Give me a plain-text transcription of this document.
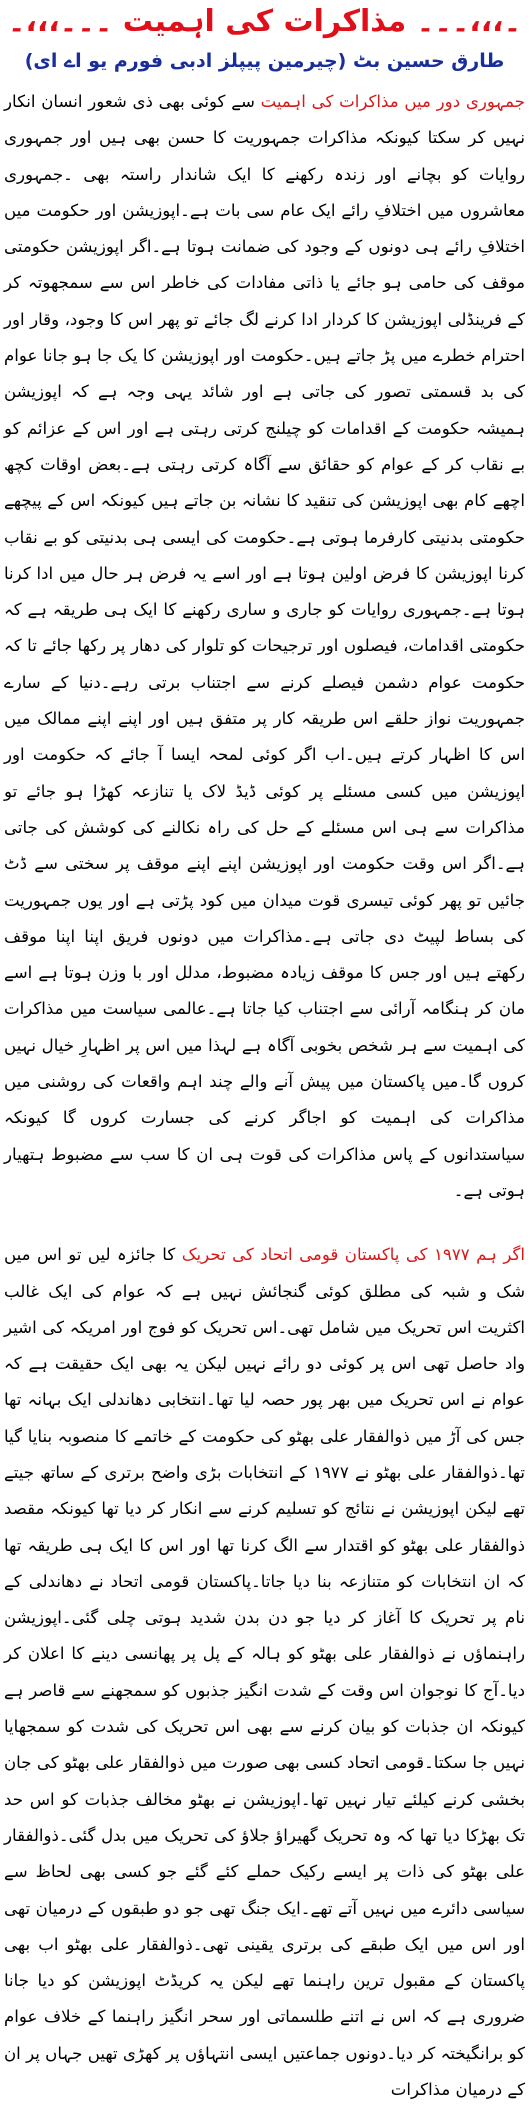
۔،،،۔۔۔ مذاکرات کی اہمیت ۔۔۔،،،۔
طارق حسین بٹ (چیرمین پیپلز ادبی فورم یو اے ای)

جمہوری دور میں مذاکرات کی اہمیت سے کوئی بھی ذی شعور انسان انکار نہیں کر سکتا کیونکہ مذاکرات جمہوریت کا حسن بھی ہیں اور جمہوری روایات کو بچانے اور زندہ رکھنے کا ایک شاندار راستہ بھی ۔جمہوری معاشروں میں اختلافِ رائے ایک عام سی بات ہے۔اپوزیشن اور حکومت میں اختلافِ رائے ہی دونوں کے وجود کی ضمانت ہوتا ہے۔اگر اپوزیشن حکومتی موقف کی حامی ہو جائے یا ذاتی مفادات کی خاطر اس سے سمجھوتہ کر کے فرینڈلی اپوزیشن کا کردار ادا کرنے لگ جائے تو پھر اس کا وجود، وقار اور احترام خطرے میں پڑ جاتے ہیں۔حکومت اور اپوزیشن کا یک جا ہو جانا عوام کی بد قسمتی تصور کی جاتی ہے اور شائد یہی وجہ ہے کہ اپوزیشن ہمیشہ حکومت کے اقدامات کو چیلنج کرتی رہتی ہے اور اس کے عزائم کو بے نقاب کر کے عوام کو حقائق سے آگاہ کرتی رہتی ہے۔بعض اوقات کچھ اچھے کام بھی اپوزیشن کی تنقید کا نشانہ بن جاتے ہیں کیونکہ اس کے پیچھے حکومتی بدنیتی کارفرما ہوتی ہے۔حکومت کی ایسی ہی بدنیتی کو بے نقاب کرنا اپوزیشن کا فرض اولین ہوتا ہے اور اسے یہ فرض ہر حال میں ادا کرنا ہوتا ہے۔جمہوری روایات کو جاری و ساری رکھنے کا ایک ہی طریقہ ہے کہ حکومتی اقدامات، فیصلوں اور ترجیحات کو تلوار کی دھار پر رکھا جائے تا کہ حکومت عوام دشمن فیصلے کرنے سے اجتناب برتی رہے۔دنیا کے سارے جمہوریت نواز حلقے اس طریقہ کار پر متفق ہیں اور اپنے اپنے ممالک میں اس کا اظہار کرتے ہیں۔اب اگر کوئی لمحہ ایسا آ جائے کہ حکومت اور اپوزیشن میں کسی مسئلے پر کوئی ڈیڈ لاک یا تنازعہ کھڑا ہو جائے تو مذاکرات سے ہی اس مسئلے کے حل کی راہ نکالنے کی کوشش کی جاتی ہے۔اگر اس وقت حکومت اور اپوزیشن اپنے اپنے موقف پر سختی سے ڈٹ جائیں تو پھر کوئی تیسری قوت میدان میں کود پڑتی ہے اور یوں جمہوریت کی بساط لپیٹ دی جاتی ہے۔مذاکرات میں دونوں فریق اپنا اپنا موقف رکھتے ہیں اور جس کا موقف زیادہ مضبوط، مدلل اور با وزن ہوتا ہے اسے مان کر ہنگامہ آرائی سے اجتناب کیا جاتا ہے۔عالمی سیاست میں مذاکرات کی اہمیت سے ہر شخص بخوبی آگاہ ہے لہذا میں اس پر اظہارِ خیال نہیں کروں گا۔میں پاکستان میں پیش آنے والے چند اہم واقعات کی روشنی میں مذاکرات کی اہمیت کو اجاگر کرنے کی جسارت کروں گا کیونکہ سیاستدانوں کے پاس مذاکرات کی قوت ہی ان کا سب سے مضبوط ہتھیار ہوتی ہے۔

اگر ہم ۱۹۷۷ کی پاکستان قومی اتحاد کی تحریک کا جائزہ لیں تو اس میں شک و شبہ کی مطلق کوئی گنجائش نہیں ہے کہ عوام کی ایک غالب اکثریت اس تحریک میں شامل تھی۔اس تحریک کو فوج اور امریکہ کی اشیر واد حاصل تھی اس پر کوئی دو رائے نہیں لیکن یہ بھی ایک حقیقت ہے کہ عوام نے اس تحریک میں بھر پور حصہ لیا تھا۔انتخابی دھاندلی ایک بہانہ تھا جس کی آڑ میں ذوالفقار علی بھٹو کی حکومت کے خاتمے کا منصوبہ بنایا گیا تھا۔ذوالفقار علی بھٹو نے ۱۹۷۷ کے انتخابات بڑی واضح برتری کے ساتھ جیتے تھے لیکن اپوزیشن نے نتائج کو تسلیم کرنے سے انکار کر دیا تھا کیونکہ مقصد ذوالفقار علی بھٹو کو اقتدار سے الگ کرنا تھا اور اس کا ایک ہی طریقہ تھا کہ ان انتخابات کو متنازعہ بنا دیا جاتا۔پاکستان قومی اتحاد نے دھاندلی کے نام پر تحریک کا آغاز کر دیا جو دن بدن شدید ہوتی چلی گئی۔اپوزیشن راہنماؤں نے ذوالفقار علی بھٹو کو ہالہ کے پل پر پھانسی دینے کا اعلان کر دیا۔آج کا نوجوان اس وقت کے شدت انگیز جذبوں کو سمجھنے سے قاصر ہے کیونکہ ان جذبات کو بیان کرنے سے بھی اس تحریک کی شدت کو سمجھایا نہیں جا سکتا۔قومی اتحاد کسی بھی صورت میں ذوالفقار علی بھٹو کی جان بخشی کرنے کیلئے تیار نہیں تھا۔اپوزیشن نے بھٹو مخالف جذبات کو اس حد تک بھڑکا دیا تھا کہ وہ تحریک گھیراؤ جلاؤ کی تحریک میں بدل گئی۔ذوالفقار علی بھٹو کی ذات پر ایسے رکیک حملے کئے گئے جو کسی بھی لحاظ سے سیاسی دائرے میں نہیں آتے تھے۔ایک جنگ تھی جو دو طبقوں کے درمیان تھی اور اس میں ایک طبقے کی برتری یقینی تھی۔ذوالفقار علی بھٹو اب بھی پاکستان کے مقبول ترین راہنما تھے لیکن یہ کریڈٹ اپوزیشن کو دیا جانا ضروری ہے کہ اس نے اتنے طلسماتی اور سحر انگیز راہنما کے خلاف عوام کو برانگیختہ کر دیا۔دونوں جماعتیں ایسی انتہاؤں پر کھڑی تھیں جہاں پر ان کے درمیان مذاکرات
